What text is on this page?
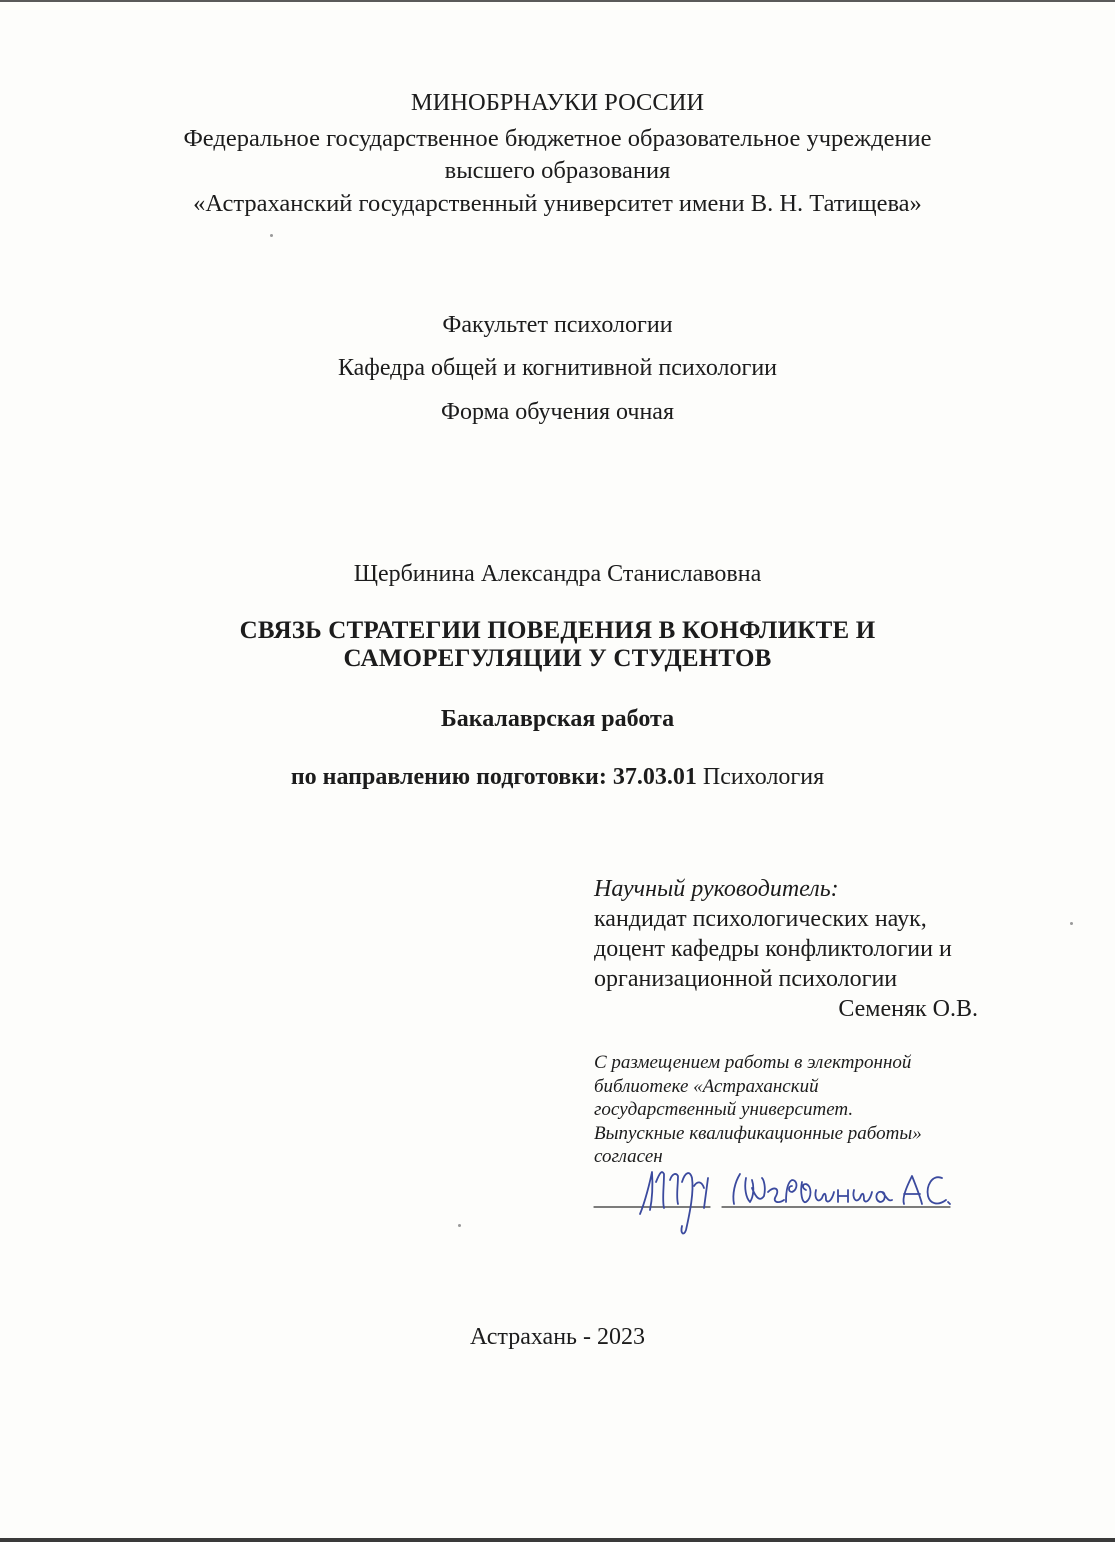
МИНОБРНАУКИ РОССИИ
Федеральное государственное бюджетное образовательное учреждение
высшего образования
«Астраханский государственный университет имени В. Н. Татищева»
Факультет психологии
Кафедра общей и когнитивной психологии
Форма обучения очная
Щербинина Александра Станиславовна
СВЯЗЬ СТРАТЕГИИ ПОВЕДЕНИЯ В КОНФЛИКТЕ И
САМОРЕГУЛЯЦИИ У СТУДЕНТОВ
Бакалаврская работа
по направлению подготовки: 37.03.01 Психология
Научный руководитель:
кандидат психологических наук,
доцент кафедры конфликтологии и
организационной психологии
Семеняк О.В.
С размещением работы в электронной
библиотеке «Астраханский
государственный университет.
Выпускные квалификационные работы»
согласен
Астрахань - 2023
